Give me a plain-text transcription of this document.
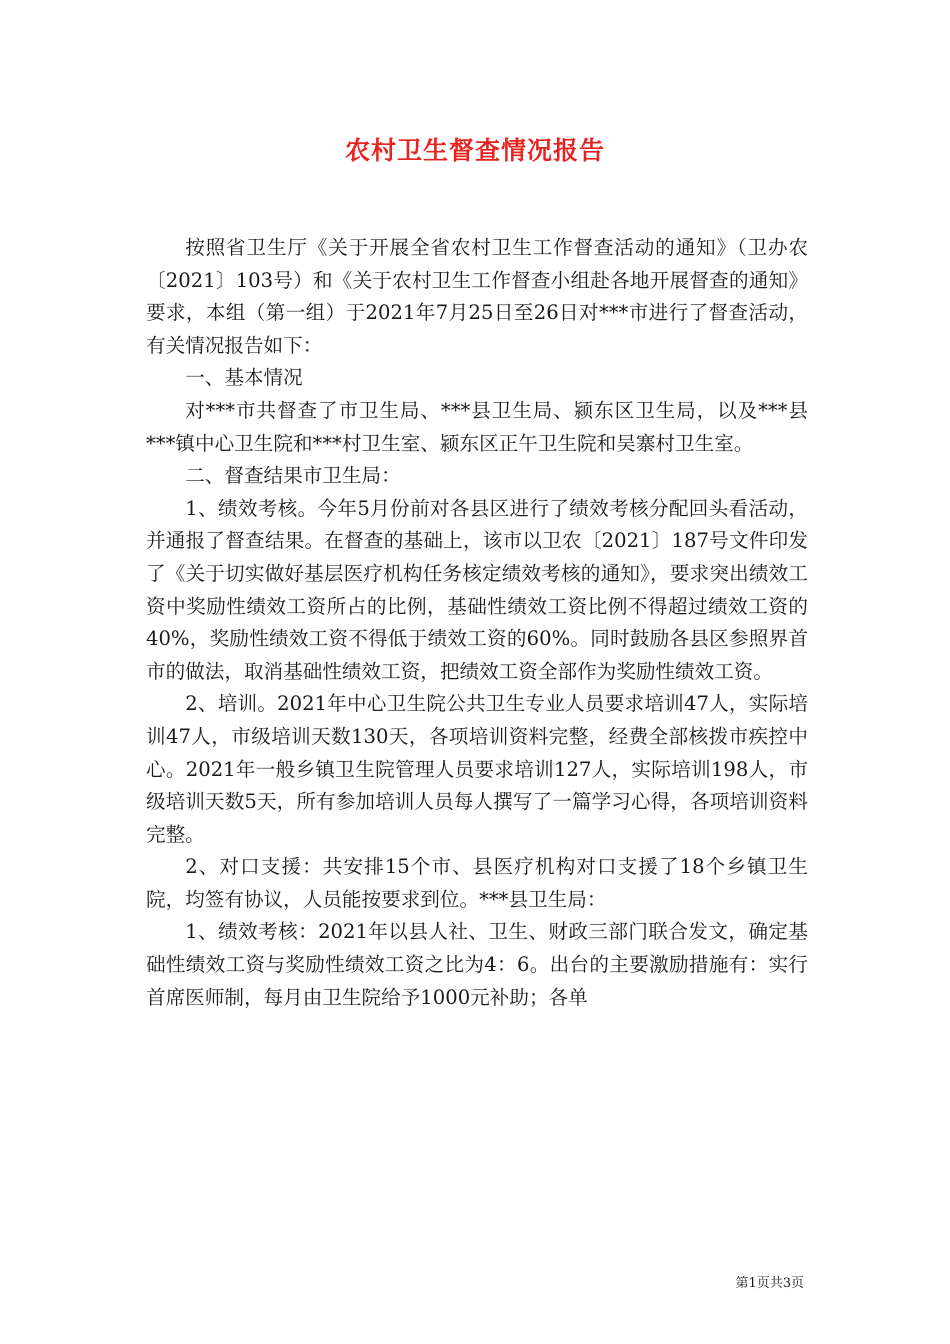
农村卫生督查情况报告

按照省卫生厅《关于开展全省农村卫生工作督查活动的通知》（卫办农〔2021〕103号）和《关于农村卫生工作督查小组赴各地开展督查的通知》要求，本组（第一组）于2021年7月25日至26日对***市进行了督查活动，有关情况报告如下：

一、基本情况

对***市共督查了市卫生局、***县卫生局、颍东区卫生局，以及***县***镇中心卫生院和***村卫生室、颍东区正午卫生院和吴寨村卫生室。

二、督查结果市卫生局：

1、绩效考核。今年5月份前对各县区进行了绩效考核分配回头看活动，并通报了督查结果。在督查的基础上，该市以卫农〔2021〕187号文件印发了《关于切实做好基层医疗机构任务核定绩效考核的通知》，要求突出绩效工资中奖励性绩效工资所占的比例，基础性绩效工资比例不得超过绩效工资的40%，奖励性绩效工资不得低于绩效工资的60%。同时鼓励各县区参照界首市的做法，取消基础性绩效工资，把绩效工资全部作为奖励性绩效工资。

2、培训。2021年中心卫生院公共卫生专业人员要求培训47人，实际培训47人，市级培训天数130天，各项培训资料完整，经费全部核拨市疾控中心。2021年一般乡镇卫生院管理人员要求培训127人，实际培训198人，市级培训天数5天，所有参加培训人员每人撰写了一篇学习心得，各项培训资料完整。

2、对口支援：共安排15个市、县医疗机构对口支援了18个乡镇卫生院，均签有协议，人员能按要求到位。***县卫生局：

1、绩效考核：2021年以县人社、卫生、财政三部门联合发文，确定基础性绩效工资与奖励性绩效工资之比为4：6。出台的主要激励措施有：实行首席医师制，每月由卫生院给予1000元补助；各单

第1页共3页
